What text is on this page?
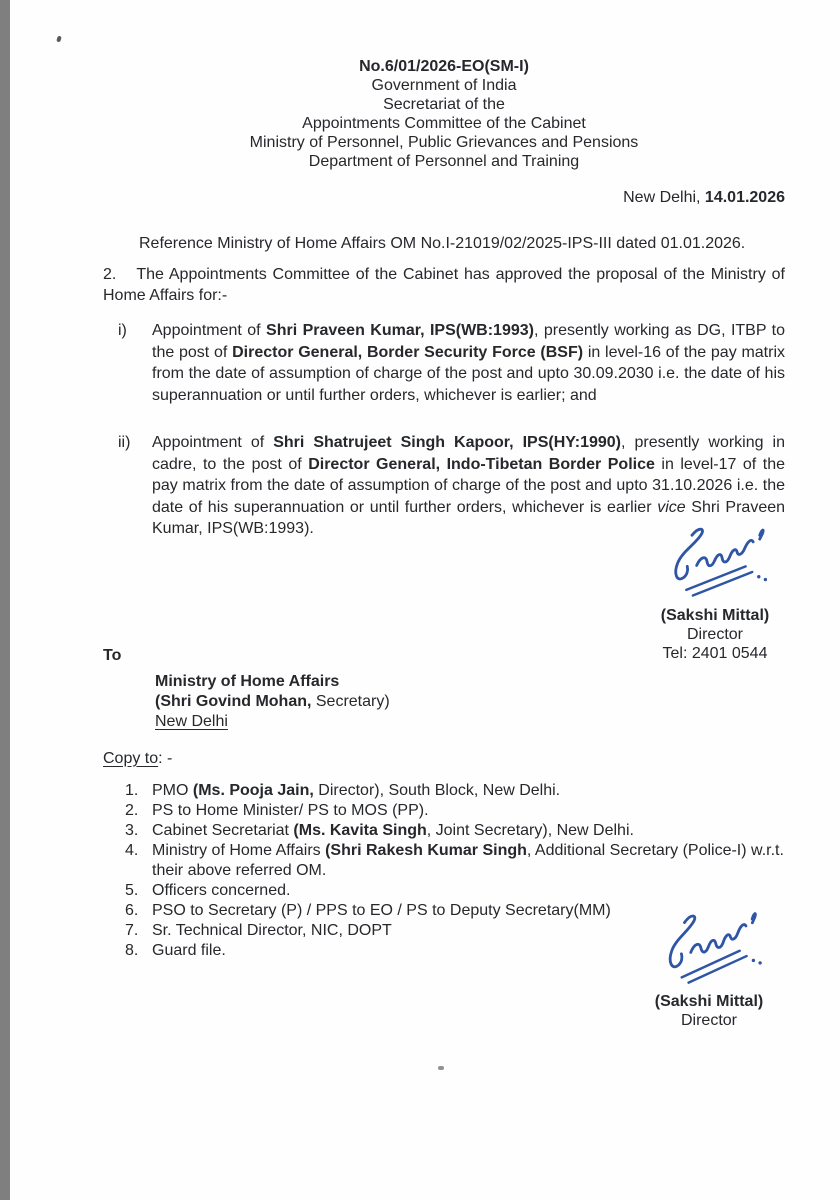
No.6/01/2026-EO(SM-I)
Government of India
Secretariat of the
Appointments Committee of the Cabinet
Ministry of Personnel, Public Grievances and Pensions
Department of Personnel and Training
New Delhi, 14.01.2026

Reference Ministry of Home Affairs OM No.I-21019/02/2025-IPS-III dated 01.01.2026.

2. The Appointments Committee of the Cabinet has approved the proposal of the Ministry of Home Affairs for:-

i) Appointment of Shri Praveen Kumar, IPS(WB:1993), presently working as DG, ITBP to the post of Director General, Border Security Force (BSF) in level-16 of the pay matrix from the date of assumption of charge of the post and upto 30.09.2030 i.e. the date of his superannuation or until further orders, whichever is earlier; and
ii) Appointment of Shri Shatrujeet Singh Kapoor, IPS(HY:1990), presently working in cadre, to the post of Director General, Indo-Tibetan Border Police in level-17 of the pay matrix from the date of assumption of charge of the post and upto 31.10.2026 i.e. the date of his superannuation or until further orders, whichever is earlier vice Shri Praveen Kumar, IPS(WB:1993).
To
Ministry of Home Affairs
(Shri Govind Mohan, Secretary)
New Delhi
Copy to: -
1. PMO (Ms. Pooja Jain, Director), South Block, New Delhi.
2. PS to Home Minister/ PS to MOS (PP).
3. Cabinet Secretariat (Ms. Kavita Singh, Joint Secretary), New Delhi.
4. Ministry of Home Affairs (Shri Rakesh Kumar Singh, Additional Secretary (Police-I) w.r.t. their above referred OM.
5. Officers concerned.
6. PSO to Secretary (P) / PPS to EO / PS to Deputy Secretary(MM)
7. Sr. Technical Director, NIC, DOPT
8. Guard file.
(Sakshi Mittal)
Director
Tel: 2401 0544
(Sakshi Mittal)
Director
